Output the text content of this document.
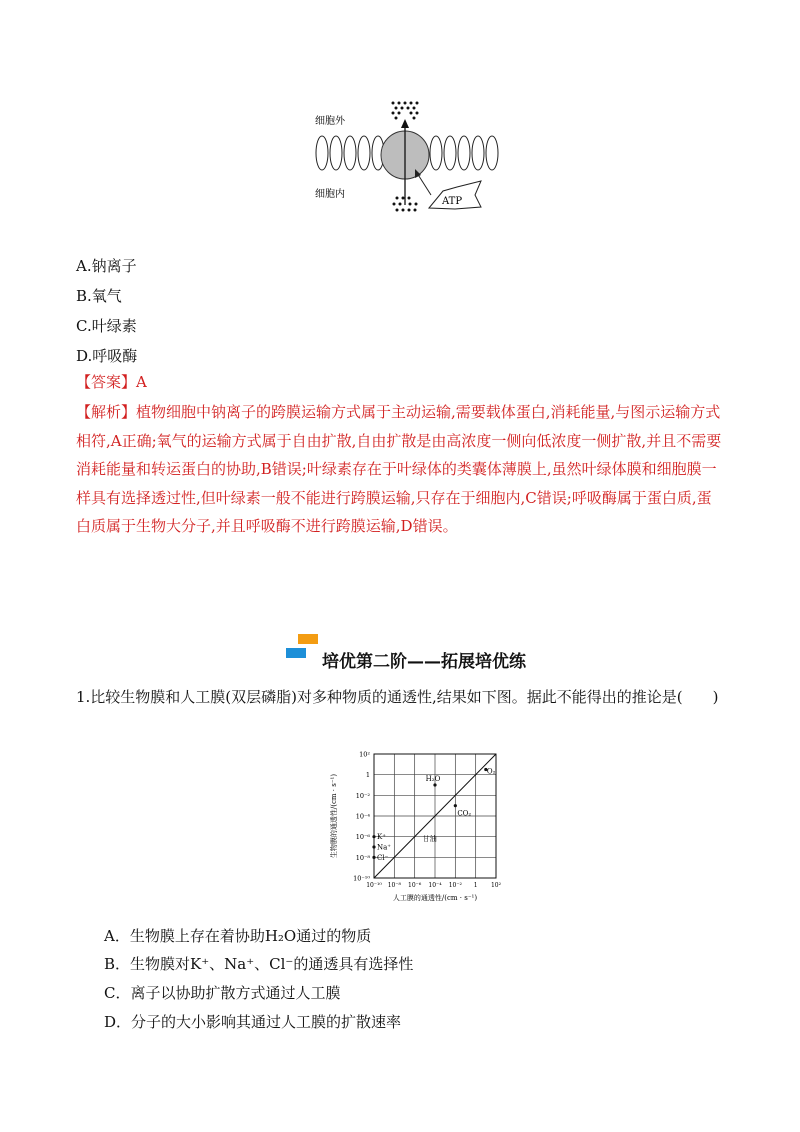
细胞外
细胞内
ATP
A.钠离子
B.氧气
C.叶绿素
D.呼吸酶
【答案】A
【解析】植物细胞中钠离子的跨膜运输方式属于主动运输,需要载体蛋白,消耗能量,与图示运输方式相符,A正确;氧气的运输方式属于自由扩散,自由扩散是由高浓度一侧向低浓度一侧扩散,并且不需要消耗能量和转运蛋白的协助,B错误;叶绿素存在于叶绿体的类囊体薄膜上,虽然叶绿体膜和细胞膜一样具有选择透过性,但叶绿素一般不能进行跨膜运输,只存在于细胞内,C错误;呼吸酶属于蛋白质,蛋白质属于生物大分子,并且呼吸酶不进行跨膜运输,D错误。
培优第二阶——拓展培优练
1.比较生物膜和人工膜(双层磷脂)对多种物质的通透性,结果如下图。据此不能得出的推论是(　　)
甘油
10²
1
10⁻²
10⁻⁴
10⁻⁶
10⁻⁸
10⁻¹⁰
10⁻¹⁰ 10⁻⁸ 10⁻⁶ 10⁻⁴ 10⁻² 1 10²
人工膜的通透性/(cm · s⁻¹)
生物膜的通透性/(cm · s⁻¹)
O₂
H₂O
CO₂
K⁺
Na⁺
Cl⁻
A．生物膜上存在着协助H₂O通过的物质
B．生物膜对K⁺、Na⁺、Cl⁻的通透具有选择性
C．离子以协助扩散方式通过人工膜
D．分子的大小影响其通过人工膜的扩散速率
